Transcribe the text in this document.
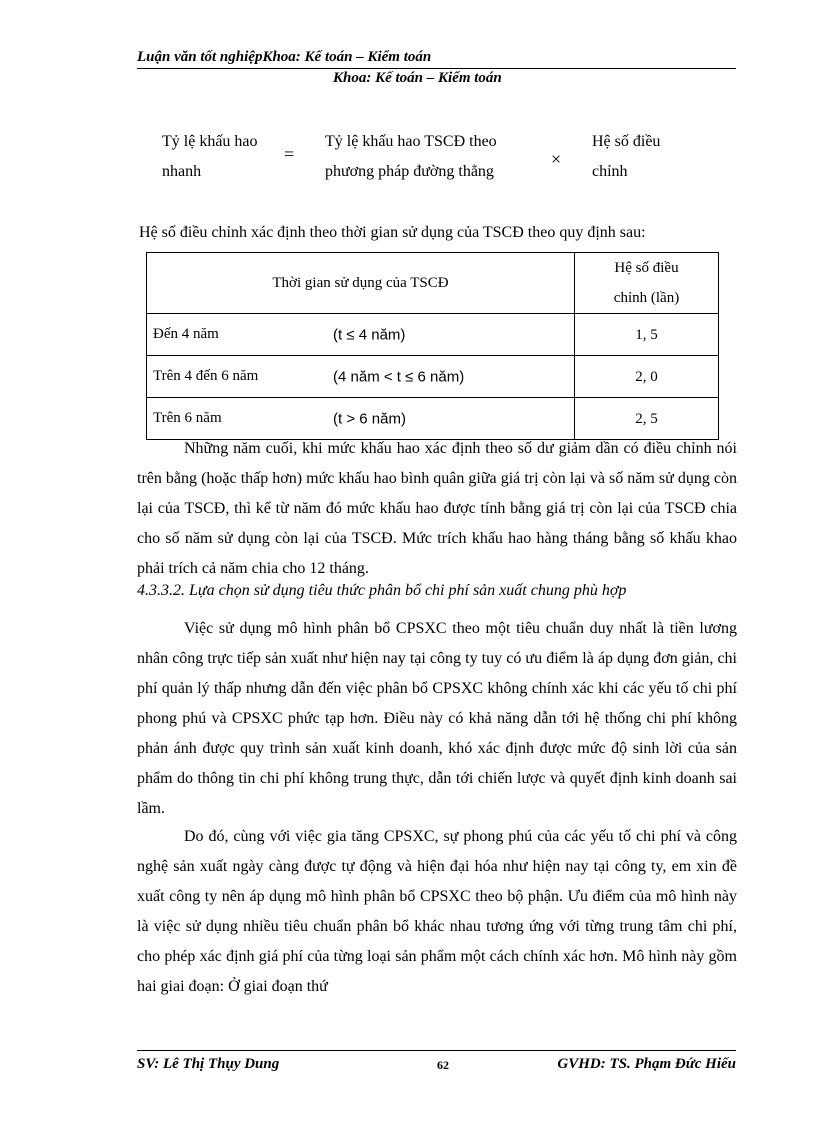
Luận văn tốt nghiệpKhoa: Kế toán – Kiểm toán
Khoa: Kế toán – Kiểm toán
Tỷ lệ khấu hao
nhanh
=
Tỷ lệ khấu hao TSCĐ theo
phương pháp đường thẳng
×
Hệ số điều
chỉnh
Hệ số điều chỉnh xác định theo thời gian sử dụng của TSCĐ theo quy định sau:
Thời gian sử dụng của TSCĐ	Hệ số điều
chỉnh (lần)

Đến 4 năm (t ≤ 4 năm)	1, 5
Trên 4 đến 6 năm (4 năm < t ≤ 6 năm)	2, 0
Trên 6 năm (t > 6 năm)	2, 5

Những năm cuối, khi mức khấu hao xác định theo số dư giảm dần có điều chỉnh nói trên bằng (hoặc thấp hơn) mức khấu hao bình quân giữa giá trị còn lại và số năm sử dụng còn lại của TSCĐ, thì kể từ năm đó mức khấu hao được tính bằng giá trị còn lại của TSCĐ chia cho số năm sử dụng còn lại của TSCĐ. Mức trích khấu hao hàng tháng bằng số khấu khao phải trích cả năm chia cho 12 tháng.

4.3.3.2. Lựa chọn sử dụng tiêu thức phân bổ chi phí sản xuất chung phù hợp

Việc sử dụng mô hình phân bổ CPSXC theo một tiêu chuẩn duy nhất là tiền lương nhân công trực tiếp sản xuất như hiện nay tại công ty tuy có ưu điểm là áp dụng đơn giản, chi phí quản lý thấp nhưng dẫn đến việc phân bổ CPSXC không chính xác khi các yếu tố chi phí phong phú và CPSXC phức tạp hơn. Điều này có khả năng dẫn tới hệ thống chi phí không phản ánh được quy trình sản xuất kinh doanh, khó xác định được mức độ sinh lời của sản phẩm do thông tin chi phí không trung thực, dẫn tới chiến lược và quyết định kinh doanh sai lầm.

Do đó, cùng với việc gia tăng CPSXC, sự phong phú của các yếu tố chi phí và công nghệ sản xuất ngày càng được tự động và hiện đại hóa như hiện nay tại công ty, em xin đề xuất công ty nên áp dụng mô hình phân bổ CPSXC theo bộ phận. Ưu điểm của mô hình này là việc sử dụng nhiều tiêu chuẩn phân bổ khác nhau tương ứng với từng trung tâm chi phí, cho phép xác định giá phí của từng loại sản phẩm một cách chính xác hơn. Mô hình này gồm hai giai đoạn: Ở giai đoạn thứ

SV: Lê Thị Thụy Dung	62	GVHD: TS. Phạm Đức Hiếu
